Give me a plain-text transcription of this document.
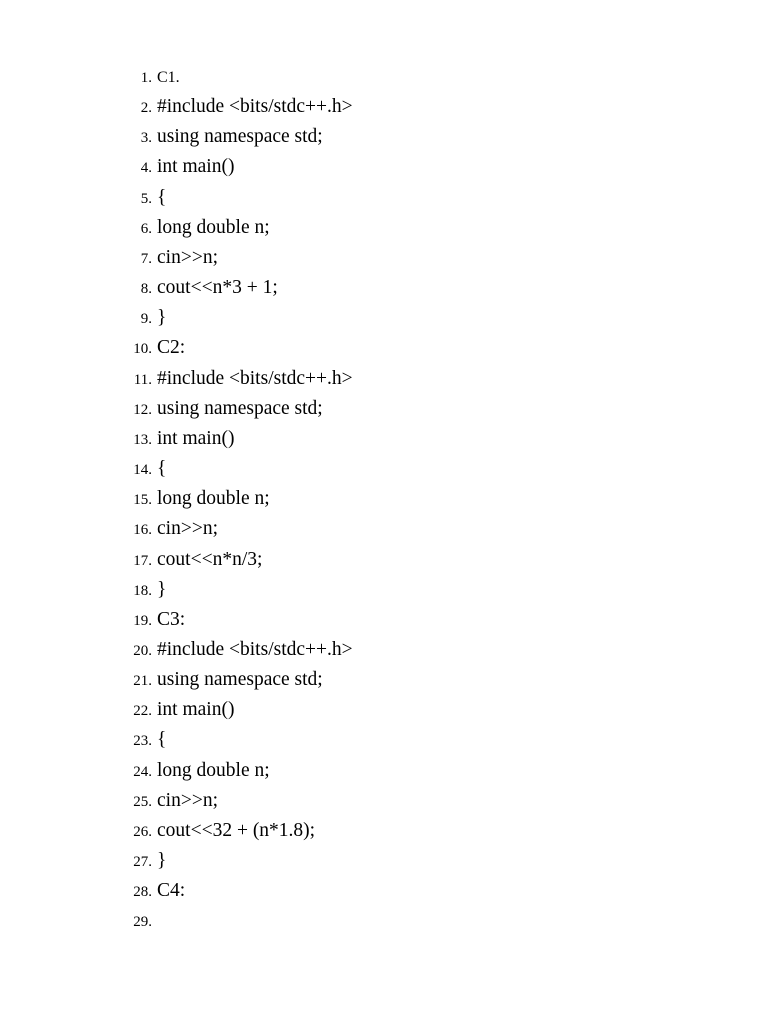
1. C1.
2. #include <bits/stdc++.h>
3. using namespace std;
4. int main()
5. {
6. long double n;
7. cin>>n;
8. cout<<n*3 + 1;
9. }
10. C2:
11. #include <bits/stdc++.h>
12. using namespace std;
13. int main()
14. {
15. long double n;
16. cin>>n;
17. cout<<n*n/3;
18. }
19. C3:
20. #include <bits/stdc++.h>
21. using namespace std;
22. int main()
23. {
24. long double n;
25. cin>>n;
26. cout<<32 + (n*1.8);
27. }
28. C4:
29.
